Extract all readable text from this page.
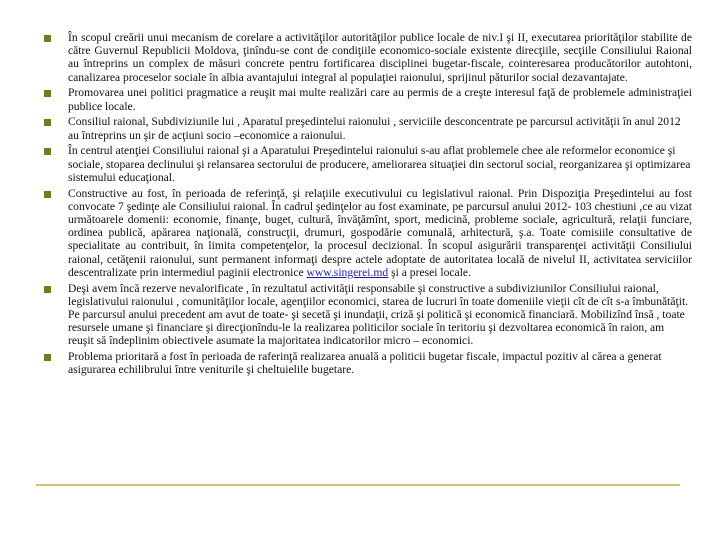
În scopul creării unui mecanism de corelare a activităţilor autorităţilor publice locale de niv.I şi II, executarea priorităţilor stabilite de către Guvernul Republicii Moldova, ţinîndu-se cont de condiţiile economico-sociale existente direcţiile, secţiile Consiliului Raional au întreprins un complex de măsuri concrete pentru fortificarea disciplinei bugetar-fiscale, cointeresarea producătorilor autohtoni, canalizarea proceselor sociale în albia avantajului integral al populaţiei raionului, sprijinul păturilor social dezavantajate.
Promovarea unei politici pragmatice a reuşit mai multe realizări care au permis de a creşte interesul faţă de problemele administraţiei publice locale.
Consiliul raional, Subdiviziunile lui , Aparatul preşedintelui raionului , serviciile desconcentrate pe parcursul activităţii în anul 2012 au întreprins un şir de acţiuni socio –economice a raionului.
În centrul atenţiei Consiliului raional şi a Aparatului Preşedintelui raionului s-au aflat problemele chee ale reformelor economice şi sociale, stoparea declinului şi relansarea sectorului de producere, ameliorarea situaţiei din sectorul social, reorganizarea şi optimizarea sistemului educaţional.
Constructive au fost, în perioada de referinţă, şi relaţiile executivului cu legislativul raional. Prin Dispoziţia Preşedintelui au fost convocate 7 şedinţe ale Consiliului raional. În cadrul şedinţelor au fost examinate, pe parcursul anului 2012- 103 chestiuni ,ce au vizat următoarele domenii: economie, finanţe, buget, cultură, învăţămînt, sport, medicină, probleme sociale, agricultură, relaţii funciare, ordinea publică, apărarea naţională, construcţii, drumuri, gospodărie comunală, arhitectură, ş.a. Toate comisiile consultative de specialitate au contribuit, în limita competenţelor, la procesul decizional. În scopul asigurării transparenţei activităţii Consiliului raional, cetăţenii raionului, sunt permanent informaţi despre actele adoptate de autoritatea locală de nivelul II, activitatea serviciilor descentralizate prin intermediul paginii electronice www.singerei.md şi a presei locale.
Deşi avem încă rezerve nevalorificate , în rezultatul activităţii responsabile şi constructive a subdiviziunilor Consiliului raional, legislativului raionului , comunităţilor locale, agenţiilor economici, starea de lucruri în toate domeniile vieţii cît de cît s-a îmbunătăţit. Pe parcursul anului precedent am avut de toate- şi secetă şi inundaţii, criză şi politică şi economică financiară. Mobilizînd însă , toate resursele umane şi financiare şi direcţionîndu-le la realizarea politicilor sociale în teritoriu şi dezvoltarea economică în raion, am reuşit să îndeplinim obiectivele asumate la majoritatea indicatorilor micro – economici.
Problema prioritară a fost în perioada de raferinţă realizarea anuală a politicii bugetar fiscale, impactul pozitiv al cărea a generat asigurarea echilibrului între veniturile şi cheltuielile bugetare.
